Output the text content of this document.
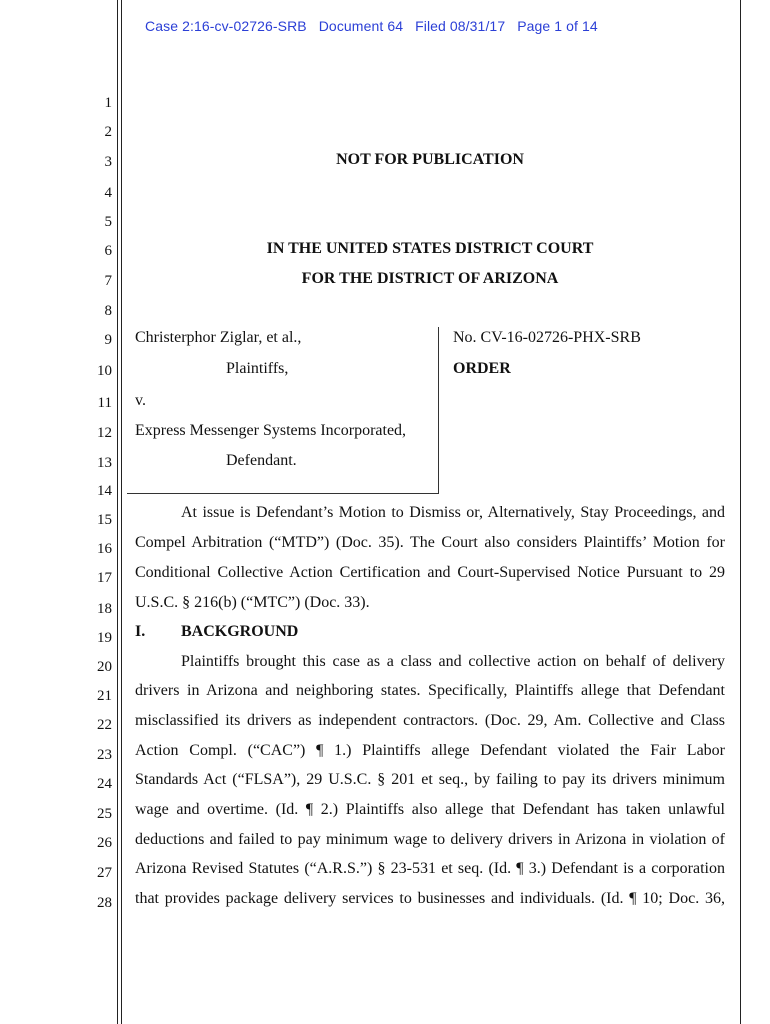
Case 2:16-cv-02726-SRB Document 64 Filed 08/31/17 Page 1 of 14
1
2
3
4
5
6
7
8
9
10
11
12
13
14
15
16
17
18
19
20
21
22
23
24
25
26
27
28
NOT FOR PUBLICATION
IN THE UNITED STATES DISTRICT COURT
FOR THE DISTRICT OF ARIZONA
Christerphor Ziglar, et al.,
Plaintiffs,
v.
Express Messenger Systems Incorporated,
Defendant.
No. CV-16-02726-PHX-SRB
ORDER
At issue is Defendant’s Motion to Dismiss or, Alternatively, Stay Proceedings, and
Compel Arbitration (“MTD”) (Doc. 35). The Court also considers Plaintiffs’ Motion for
Conditional Collective Action Certification and Court-Supervised Notice Pursuant to 29
U.S.C. § 216(b) (“MTC”) (Doc. 33).
I. BACKGROUND
Plaintiffs brought this case as a class and collective action on behalf of delivery
drivers in Arizona and neighboring states. Specifically, Plaintiffs allege that Defendant
misclassified its drivers as independent contractors. (Doc. 29, Am. Collective and Class
Action Compl. (“CAC”) ¶ 1.) Plaintiffs allege Defendant violated the Fair Labor
Standards Act (“FLSA”), 29 U.S.C. § 201 et seq., by failing to pay its drivers minimum
wage and overtime. (Id. ¶ 2.) Plaintiffs also allege that Defendant has taken unlawful
deductions and failed to pay minimum wage to delivery drivers in Arizona in violation of
Arizona Revised Statutes (“A.R.S.”) § 23-531 et seq. (Id. ¶ 3.) Defendant is a corporation
that provides package delivery services to businesses and individuals. (Id. ¶ 10; Doc. 36,
